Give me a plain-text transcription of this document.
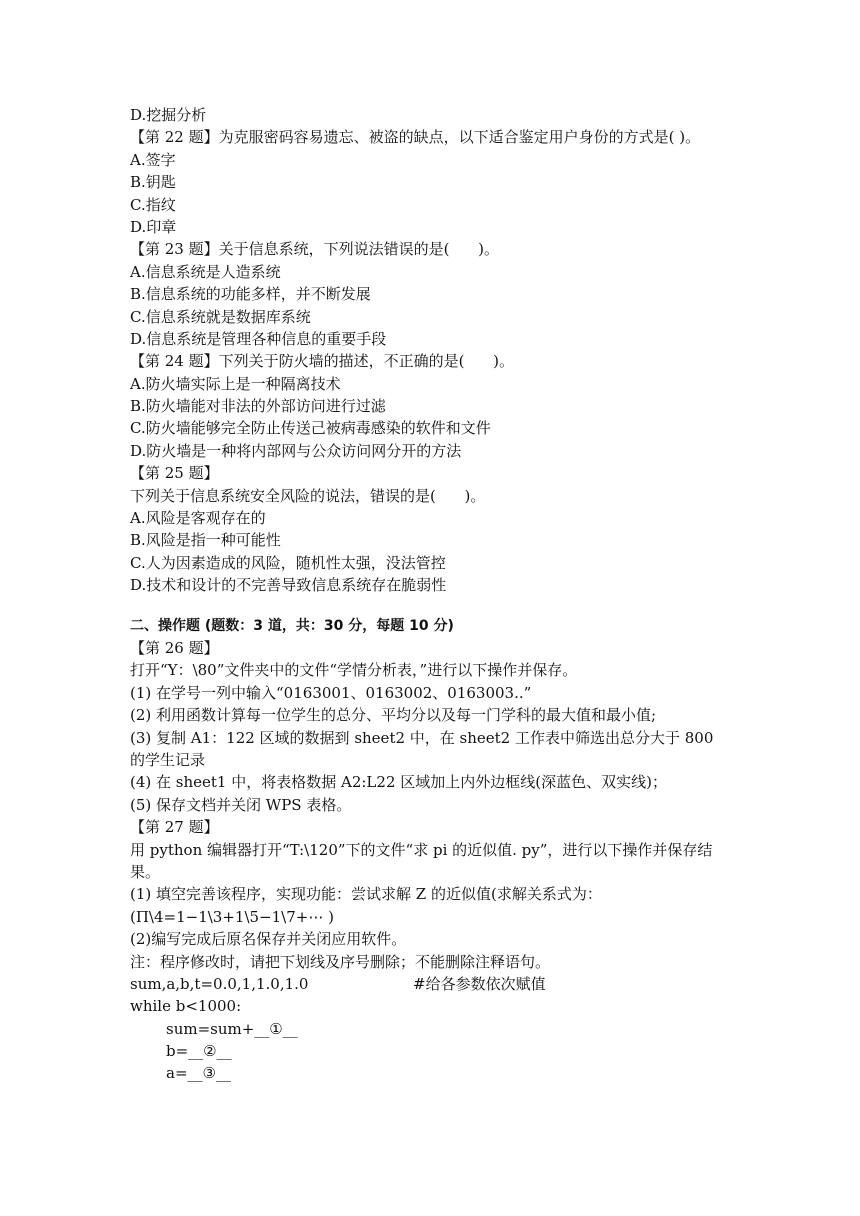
D.挖掘分析

【第 22 题】为克服密码容易遗忘、被盗的缺点，以下适合鉴定用户身份的方式是( )。

A.签字

B.钥匙

C.指纹

D.印章

【第 23 题】关于信息系统，下列说法错误的是(      )。

A.信息系统是人造系统

B.信息系统的功能多样，并不断发展

C.信息系统就是数据库系统

D.信息系统是管理各种信息的重要手段

【第 24 题】下列关于防火墙的描述，不正确的是(      )。

A.防火墙实际上是一种隔离技术

B.防火墙能对非法的外部访问进行过滤

C.防火墙能够完全防止传送己被病毒感染的软件和文件

D.防火墙是一种将内部网与公众访问网分开的方法

【第 25 题】

下列关于信息系统安全风险的说法，错误的是(      )。

A.风险是客观存在的

B.风险是指一种可能性

C.人为因素造成的风险，随机性太强，没法管控

D.技术和设计的不完善导致信息系统存在脆弱性

二、操作题 (题数：3 道，共：30 分，每题 10 分)

【第 26 题】

打开“Y：\80”文件夹中的文件“学情分析表，”进行以下操作并保存。

(1) 在学号一列中输入“0163001、0163002、0163003..”

(2) 利用函数计算每一位学生的总分、平均分以及每一门学科的最大值和最小值;

(3) 复制 A1：122 区域的数据到 sheet2 中，在 sheet2 工作表中筛选出总分大于 800 的学生记录

(4) 在 sheet1 中，将表格数据 A2:L22 区域加上内外边框线(深蓝色、双实线)；

(5) 保存文档并关闭 WPS 表格。

【第 27 题】

用 python 编辑器打开“T:\120”下的文件“求 pi 的近似值. py”，进行以下操作并保存结果。

(1) 填空完善该程序，实现功能：尝试求解 Z 的近似值(求解关系式为：

(Π\4=1−1\3+1\5−1\7+⋯ )

(2)编写完成后原名保存并关闭应用软件。

注：程序修改时，请把下划线及序号删除；不能删除注释语句。

sum,a,b,t=0.0,1,1.0,1.0	#给各参数依次赋值

while b<1000:

sum=sum+__①__

b=__②__

a=__③__
